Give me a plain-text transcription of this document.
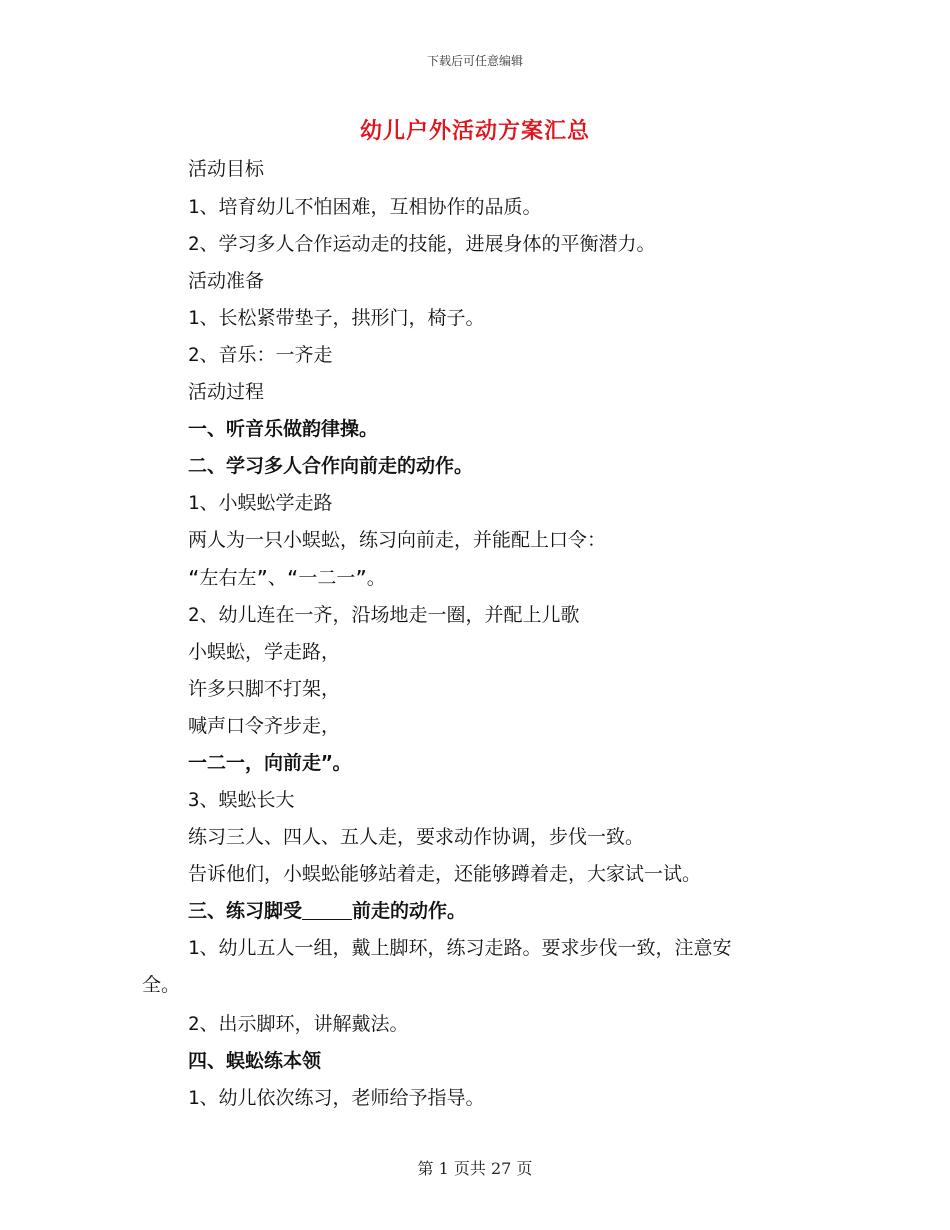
下载后可任意编辑
幼儿户外活动方案汇总
活动目标
1、培育幼儿不怕困难，互相协作的品质。
2、学习多人合作运动走的技能，进展身体的平衡潜力。
活动准备
1、长松紧带垫子，拱形门，椅子。
2、音乐：一齐走
活动过程
一、听音乐做韵律操。
二、学习多人合作向前走的动作。
1、小蜈蚣学走路
两人为一只小蜈蚣，练习向前走，并能配上口令：
“左右左”、“一二一”。
2、幼儿连在一齐，沿场地走一圈，并配上儿歌
小蜈蚣，学走路，
许多只脚不打架，
喊声口令齐步走，
一二一，向前走”。
3、蜈蚣长大
练习三人、四人、五人走，要求动作协调，步伐一致。
告诉他们，小蜈蚣能够站着走，还能够蹲着走，大家试一试。
三、练习脚受	前走的动作。
1、幼儿五人一组，戴上脚环，练习走路。要求步伐一致，注意安
全。
2、出示脚环，讲解戴法。
四、蜈蚣练本领
1、幼儿依次练习，老师给予指导。
第 1 页共 27 页
